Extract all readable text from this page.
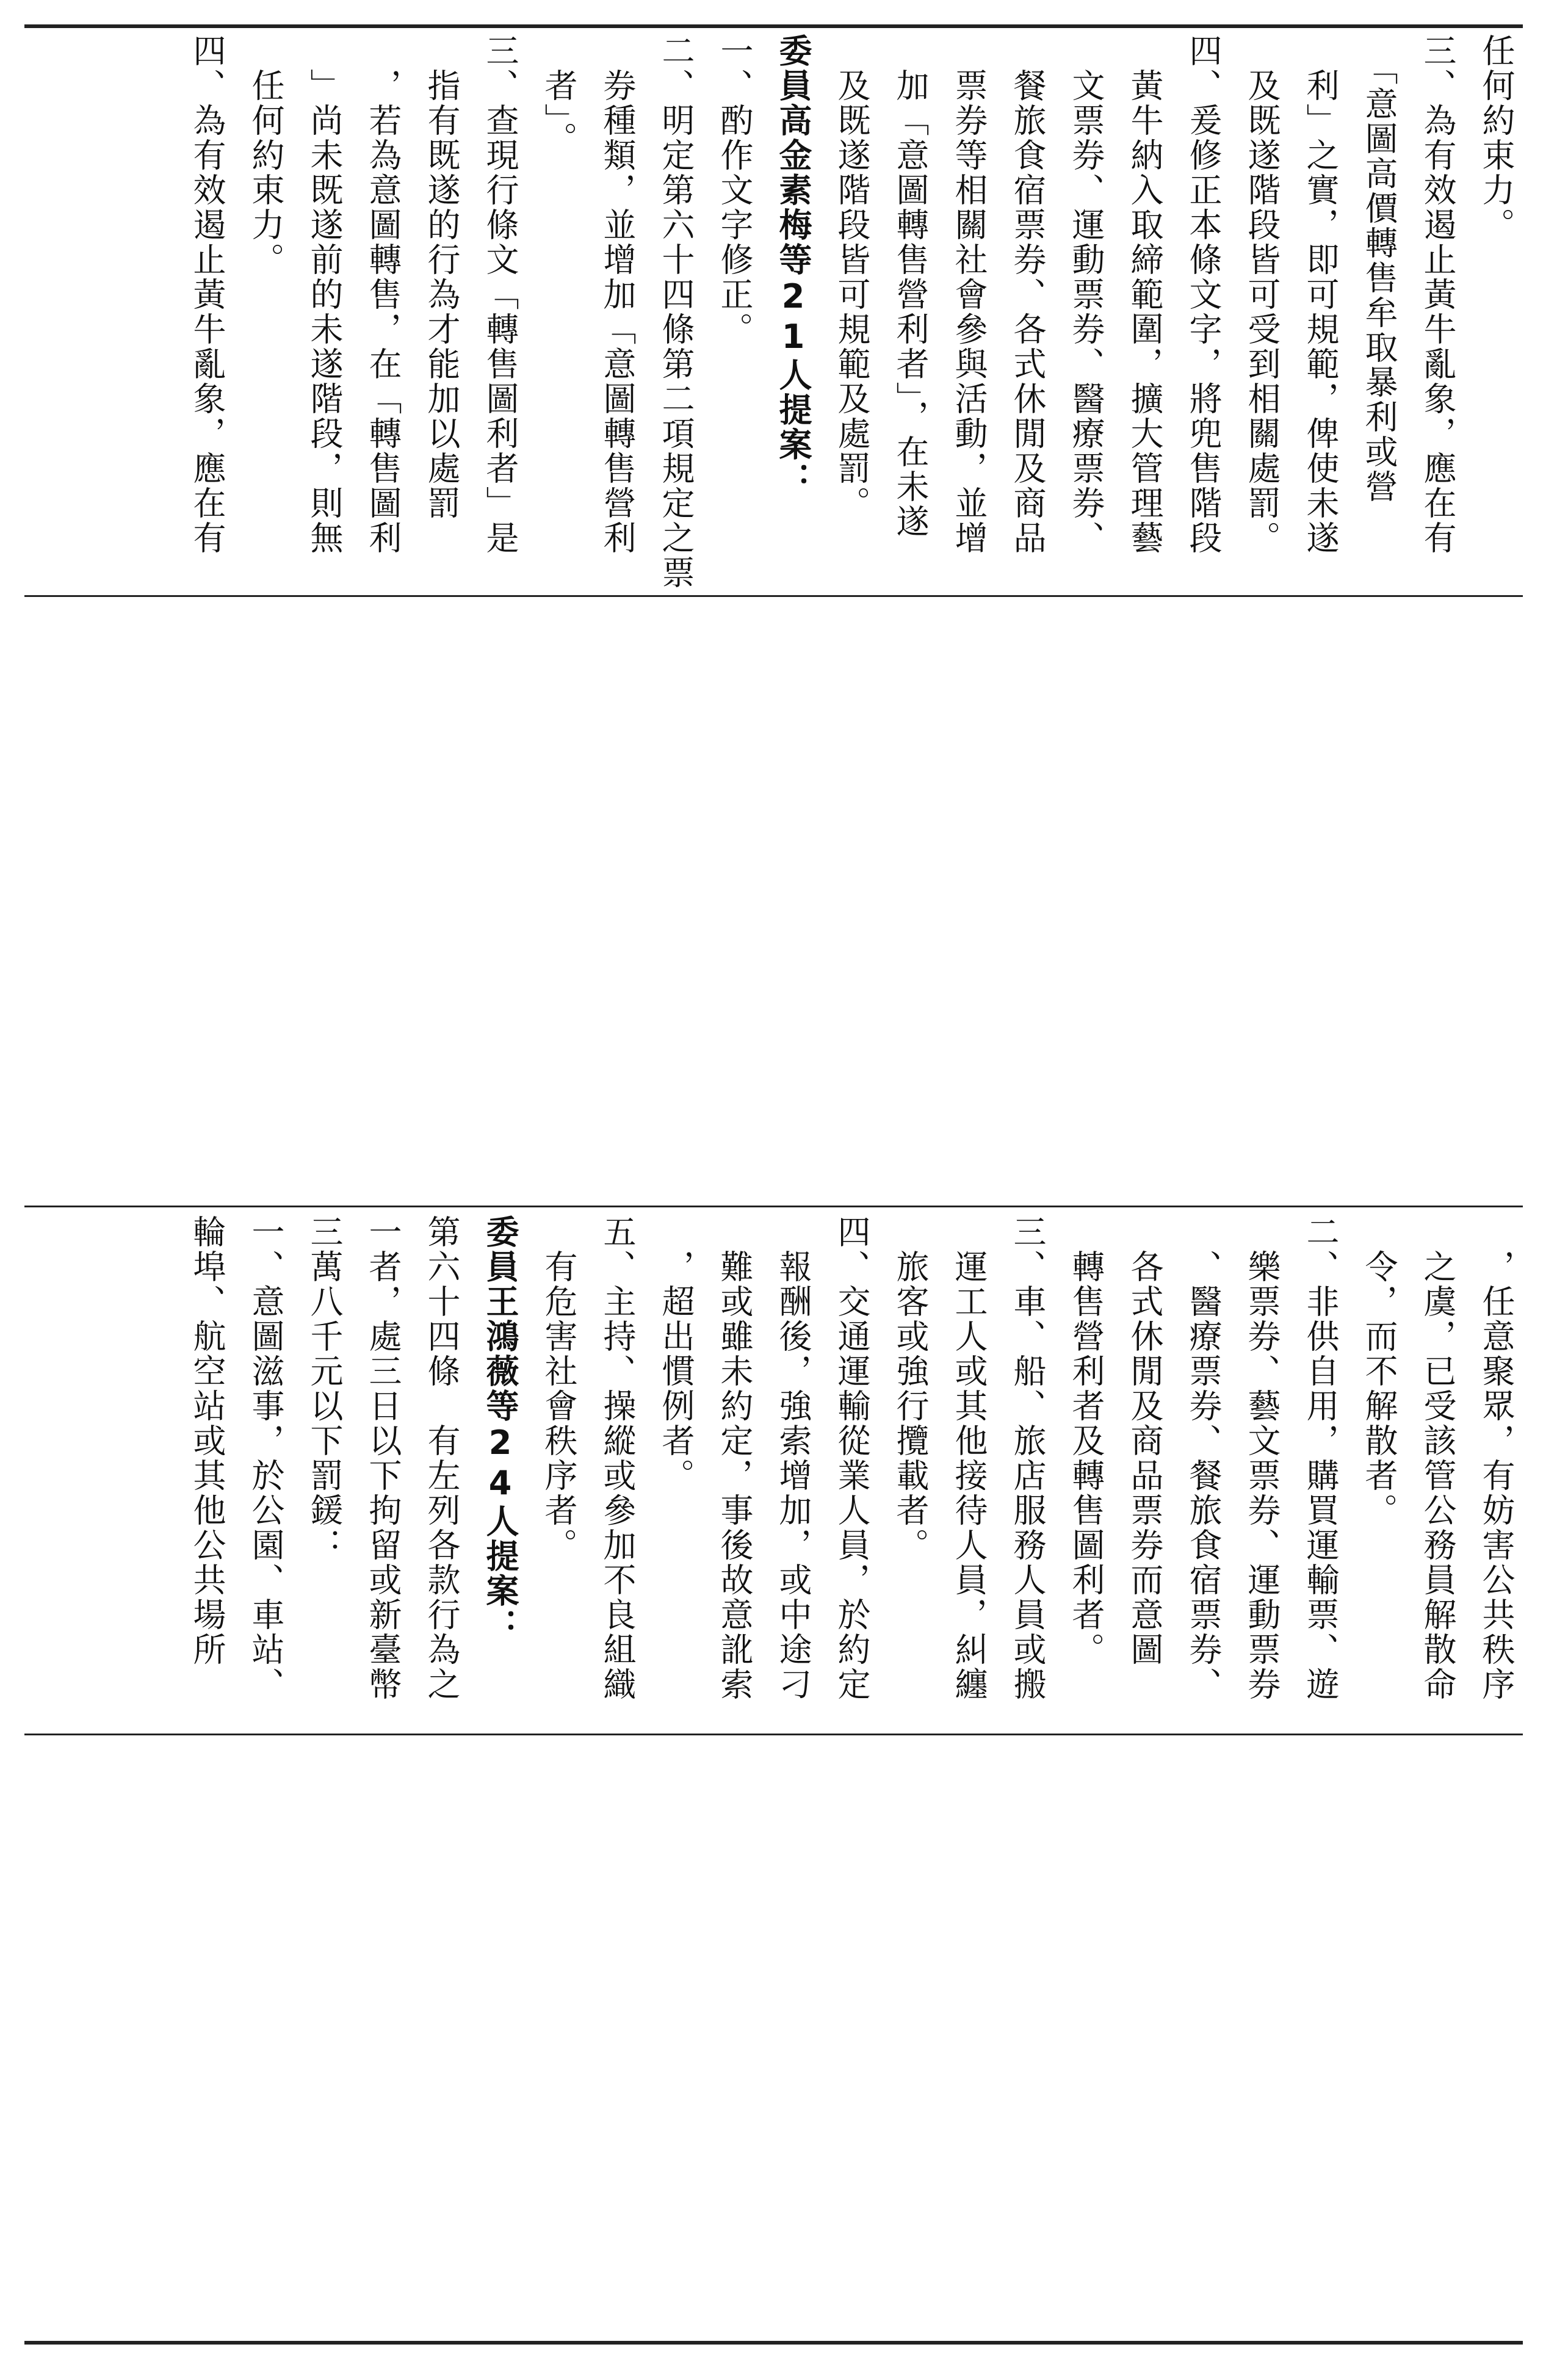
任何約束力。
三、為有效遏止黃牛亂象，應在有
　「意圖高價轉售牟取暴利或營
　利」之實，即可規範，俾使未遂
　及既遂階段皆可受到相關處罰。
四、爰修正本條文字，將兜售階段
　黃牛納入取締範圍，擴大管理藝
　文票券、運動票券、醫療票券、
　餐旅食宿票券、各式休閒及商品
　票券等相關社會參與活動，並增
　加「意圖轉售營利者」，在未遂
　及既遂階段皆可規範及處罰。
委員高金素梅等21人提案：
一、酌作文字修正。
二、明定第六十四條第二項規定之票
　券種類，並增加「意圖轉售營利
　者」。
三、查現行條文「轉售圖利者」是
　指有既遂的行為才能加以處罰
　，若為意圖轉售，在「轉售圖利
　」尚未既遂前的未遂階段，則無
　任何約束力。
四、為有效遏止黃牛亂象，應在有
　，任意聚眾，有妨害公共秩序
　之虞，已受該管公務員解散命
　令，而不解散者。
二、非供自用，購買運輸票、遊
　樂票券、藝文票券、運動票券
　、醫療票券、餐旅食宿票券、
　各式休閒及商品票券而意圖
　轉售營利者及轉售圖利者。
三、車、船、旅店服務人員或搬
　運工人或其他接待人員，糾纏
　旅客或強行攬載者。
四、交通運輸從業人員，於約定
　報酬後，強索增加，或中途刁
　難或雖未約定，事後故意訛索
　，超出慣例者。
五、主持、操縱或參加不良組織
　有危害社會秩序者。
委員王鴻薇等24人提案：
第六十四條　有左列各款行為之
一者，處三日以下拘留或新臺幣
三萬八千元以下罰鍰：
一、意圖滋事，於公園、車站、
輪埠、航空站或其他公共場所
